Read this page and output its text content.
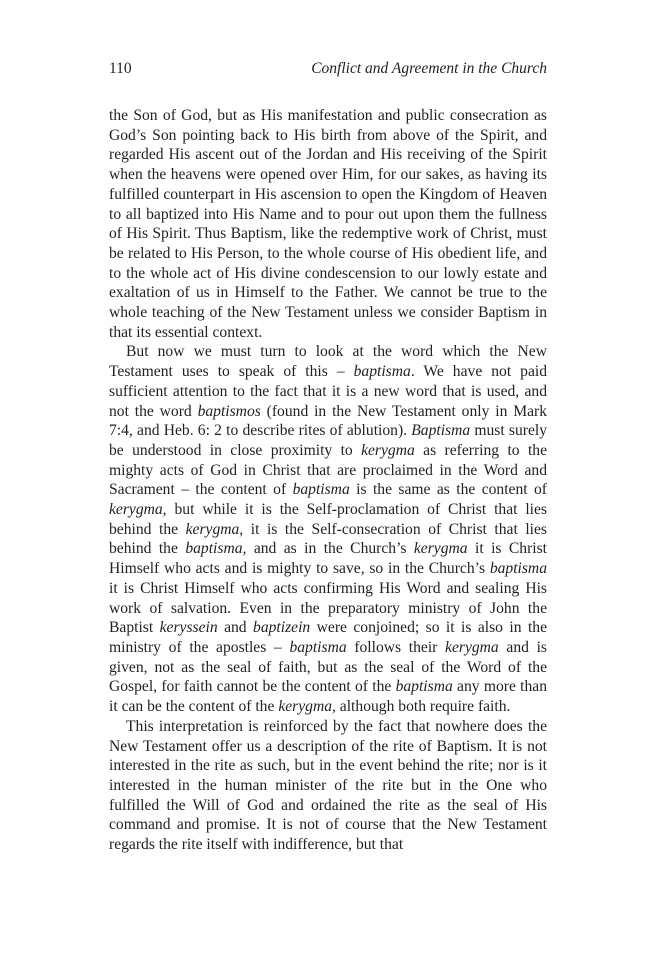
110	Conflict and Agreement in the Church

the Son of God, but as His manifestation and public consecration as God’s Son pointing back to His birth from above of the Spirit, and regarded His ascent out of the Jordan and His receiving of the Spirit when the heavens were opened over Him, for our sakes, as having its fulfilled counterpart in His ascension to open the Kingdom of Heaven to all baptized into His Name and to pour out upon them the fullness of His Spirit. Thus Baptism, like the redemptive work of Christ, must be related to His Person, to the whole course of His obedient life, and to the whole act of His divine condescension to our lowly estate and exaltation of us in Himself to the Father. We cannot be true to the whole teaching of the New Testament unless we consider Baptism in that its essential context.

But now we must turn to look at the word which the New Testament uses to speak of this – baptisma. We have not paid sufficient attention to the fact that it is a new word that is used, and not the word baptismos (found in the New Testament only in Mark 7:4, and Heb. 6: 2 to describe rites of ablution). Baptisma must surely be understood in close proximity to kerygma as referring to the mighty acts of God in Christ that are proclaimed in the Word and Sacrament – the content of baptisma is the same as the content of kerygma, but while it is the Self-proclamation of Christ that lies behind the kerygma, it is the Self-consecration of Christ that lies behind the baptisma, and as in the Church’s kerygma it is Christ Himself who acts and is mighty to save, so in the Church’s baptisma it is Christ Himself who acts confirming His Word and sealing His work of salvation. Even in the preparatory ministry of John the Baptist keryssein and baptizein were conjoined; so it is also in the ministry of the apostles – baptisma follows their kerygma and is given, not as the seal of faith, but as the seal of the Word of the Gospel, for faith cannot be the content of the baptisma any more than it can be the content of the kerygma, although both require faith.

This interpretation is reinforced by the fact that nowhere does the New Testament offer us a description of the rite of Baptism. It is not interested in the rite as such, but in the event behind the rite; nor is it interested in the human minister of the rite but in the One who fulfilled the Will of God and ordained the rite as the seal of His command and promise. It is not of course that the New Testament regards the rite itself with indifference, but that
